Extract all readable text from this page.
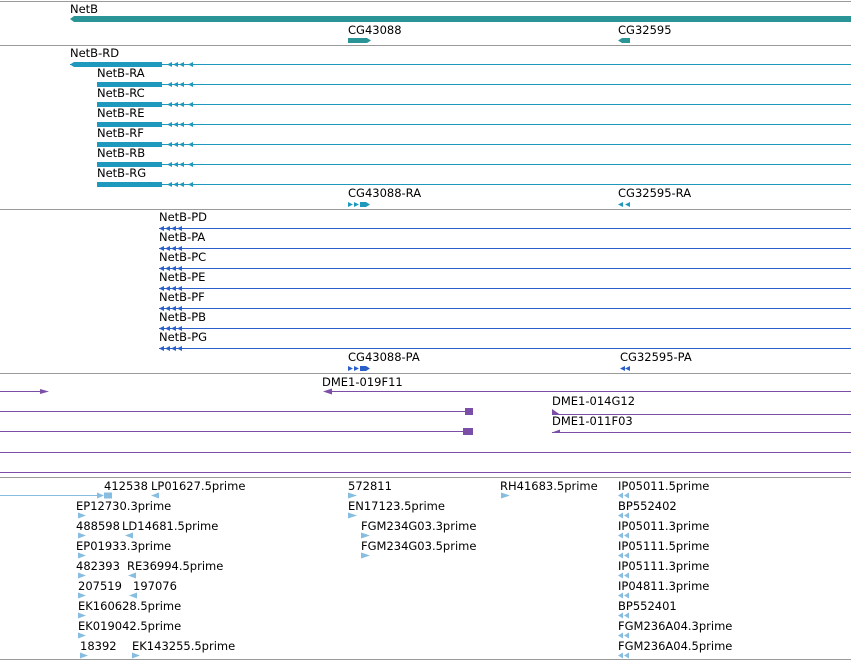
NetB
CG43088	CG32595
NetB-RD
NetB-RA
NetB-RC
NetB-RE
NetB-RF
NetB-RB
NetB-RG
CG43088-RA	CG32595-RA
NetB-PD
NetB-PA
NetB-PC
NetB-PE
NetB-PF
NetB-PB
NetB-PG
CG43088-PA	CG32595-PA
DME1-019F11
DME1-014G12
DME1-011F03
412538 LP01627.5prime	572811	RH41683.5prime IP05011.5prime
EP12730.3prime	EN17123.5prime	BP552402
488598 LD14681.5prime	FGM234G03.3prime	IP05011.3prime
EP01933.3prime	FGM234G03.5prime	IP05111.5prime
482393 RE36994.5prime	IP05111.3prime
207519 197076	IP04811.3prime
EK160628.5prime	BP552401
EK019042.5prime	FGM236A04.3prime
18392 EK143255.5prime	FGM236A04.5prime
